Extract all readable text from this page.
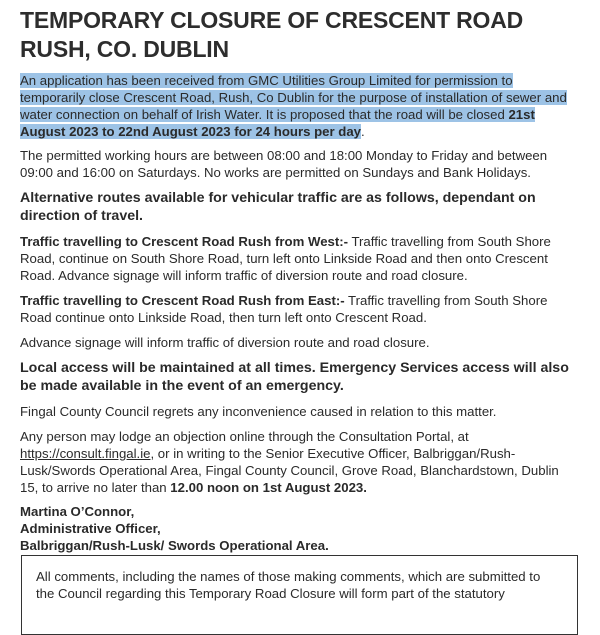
TEMPORARY CLOSURE OF CRESCENT ROAD RUSH, CO. DUBLIN

An application has been received from GMC Utilities Group Limited for permission to temporarily close Crescent Road, Rush, Co Dublin for the purpose of installation of sewer and water connection on behalf of Irish Water. It is proposed that the road will be closed 21st August 2023 to 22nd August 2023 for 24 hours per day.

The permitted working hours are between 08:00 and 18:00 Monday to Friday and between 09:00 and 16:00 on Saturdays. No works are permitted on Sundays and Bank Holidays.

Alternative routes available for vehicular traffic are as follows, dependant on direction of travel.

Traffic travelling to Crescent Road Rush from West:- Traffic travelling from South Shore Road, continue on South Shore Road, turn left onto Linkside Road and then onto Crescent Road. Advance signage will inform traffic of diversion route and road closure.

Traffic travelling to Crescent Road Rush from East:- Traffic travelling from South Shore Road continue onto Linkside Road, then turn left onto Crescent Road.

Advance signage will inform traffic of diversion route and road closure.

Local access will be maintained at all times. Emergency Services access will also be made available in the event of an emergency.

Fingal County Council regrets any inconvenience caused in relation to this matter.

Any person may lodge an objection online through the Consultation Portal, at https://consult.fingal.ie, or in writing to the Senior Executive Officer, Balbriggan/Rush-Lusk/Swords Operational Area, Fingal County Council, Grove Road, Blanchardstown, Dublin 15, to arrive no later than 12.00 noon on 1st August 2023.

Martina O’Connor,

Administrative Officer,

Balbriggan/Rush-Lusk/ Swords Operational Area.

All comments, including the names of those making comments, which are submitted to the Council regarding this Temporary Road Closure will form part of the statutory
